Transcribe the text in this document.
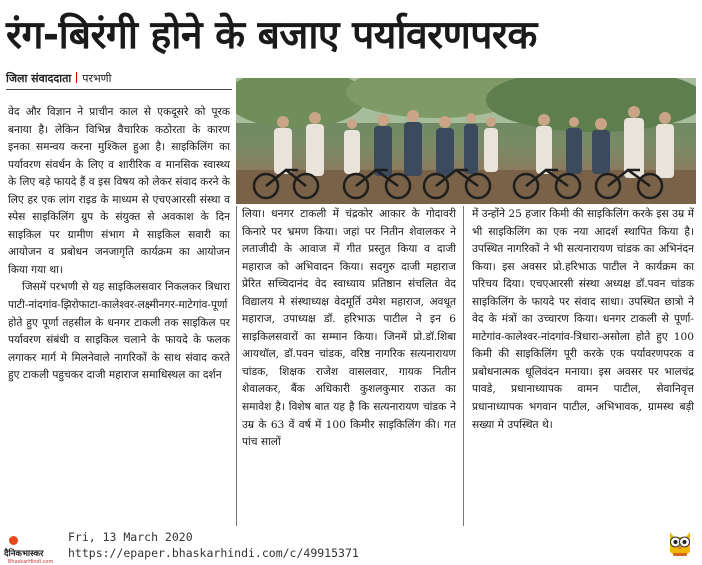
रंग-बिरंगी होने के बजाए पर्यावरणपरक
जिला संवाददाता परभणी

वेद और विज्ञान ने प्राचीन काल से एकदूसरे को पूरक बनाया है। लेकिन विभिन्न वैचारिक कठोरता के कारण इनका समन्वय करना मुश्किल हुआ है। साइकिलिंग का पर्यावरण संवर्धन के लिए व शारीरिक व मानसिक स्वास्थ्य के लिए बड़े फायदे हैं व इस विषय को लेकर संवाद करने के लिए हर एक लांग राइड के माध्यम से एचएआरसी संस्था व स्पेस साइकिलिंग ग्रुप के संयुक्त से अवकाश के दिन साइकिल पर ग्रामीण संभाग मे साइकिल सवारी का आयोजन व प्रबोधन जनजागृति कार्यक्रम का आयोजन किया गया था।

जिसमें परभणी से यह साइकिलसवार निकलकर त्रिधारा पाटी-नांदगांव-झिरोफाटा-कालेश्वर-लक्ष्मीनगर-माटेगांव-पूर्णा होते हुए पूर्णा तहसील के धनगर टाकली तक साइकिल पर पर्यावरण संबंधी व साइकिल चलाने के फायदे के फलक लगाकर मार्ग मे मिलनेवाले नागरिकों के साथ संवाद करते हुए टाकली पहुचकर दाजी महाराज समाधिस्थल का दर्शन

लिया। धनगर टाकली में चंद्रकोर आकार के गोदावरी किनारे पर भ्रमण किया। जहां पर नितीन शेवालकर ने लताजीदी के आवाज में गीत प्रस्तुत किया व दाजी महाराज को अभिवादन किया। सदगुरु दाजी महाराज प्रेरित सच्चिदानंद वेद स्वाध्याय प्रतिष्ठान संचलित वेद विद्यालय मे संस्थाध्यक्ष वेदमूर्ति उमेश महाराज, अवधूत महाराज, उपाध्यक्ष डॉ. हरिभाऊ पाटील ने इन 6 साइकिलसवारों का सम्मान किया। जिनमें प्रो.डॉ.शिबा आयथॉल, डॉ.पवन चांडक, वरिष्ठ नागरिक सत्यनारायण चांडक, शिक्षक राजेश वासलवार, गायक नितीन शेवालकर, बैंक अधिकारी कुशलकुमार राऊत का समावेश है। विशेष बात यह है कि सत्यनारायण चांडक ने उम्र के 63 वें वर्ष में 100 किमीर साइकिलिंग की। गत पांच सालों

में उन्होंने 25 हजार किमी की साइकिलिंग करके इस उम्र में भी साइकिलिंग का एक नया आदर्श स्थापित किया है। उपस्थित नागरिकों ने भी सत्यनारायण चांडक का अभिनंदन किया। इस अवसर प्रो.हरिभाऊ पाटील ने कार्यक्रम का परिचय दिया। एचएआरसी संस्था अध्यक्ष डॉ.पवन चांडक साइकिलिंग के फायदे पर संवाद साधा। उपस्थित छात्रो ने वेद के मंत्रों का उच्चारण किया। धनगर टाकली से पूर्णा-माटेगांव-कालेश्वर-नांदगांव-त्रिधारा-असोला होते हुए 100 किमी की साइकिलिंग पूरी करके एक पर्यावरणपरक व प्रबोधनात्मक धूलिवंदन मनाया। इस अवसर पर भालचंद्र पावडे, प्रधानाध्यापक वामन पाटील, सेवानिवृत्त प्रधानाध्यापक भगवान पाटील, अभिभावक, ग्रामस्थ बड़ी सख्या मे उपस्थित थे।

दैनिकभास्कर
BhaskarHindi.com
Fri, 13 March 2020
https://epaper.bhaskarhindi.com/c/49915371
